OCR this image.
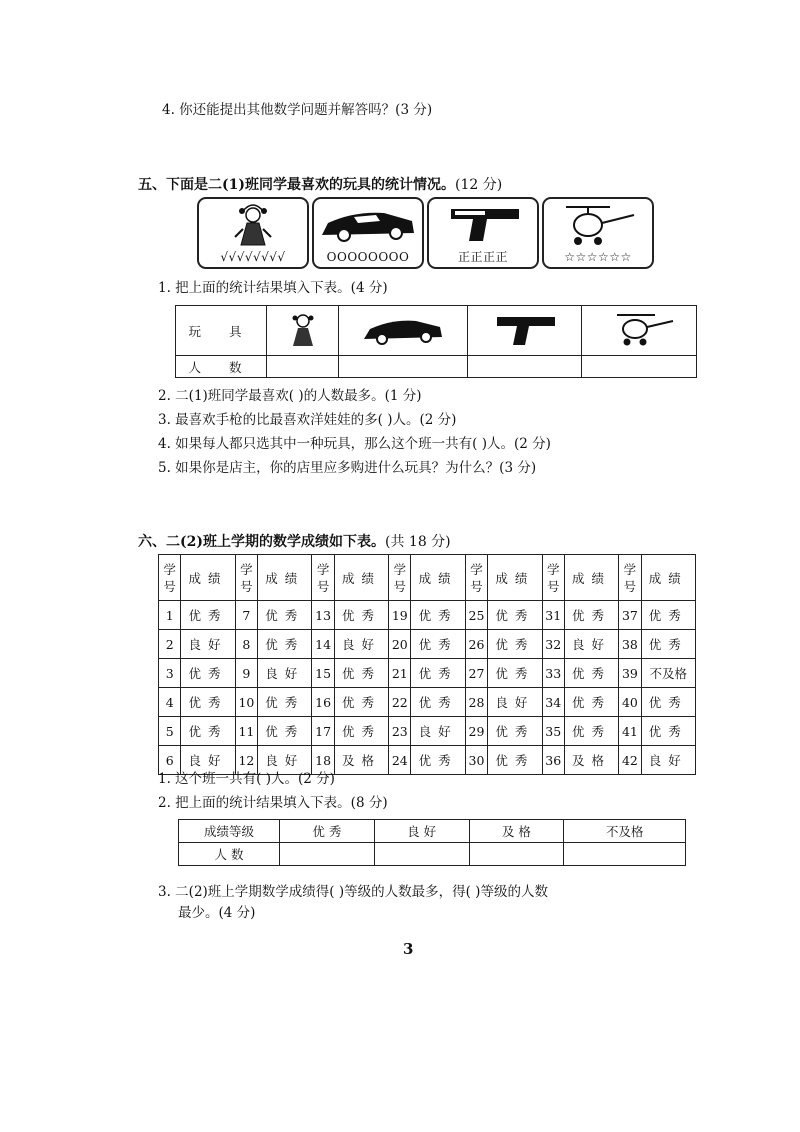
4. 你还能提出其他数学问题并解答吗？(3 分)
五、下面是二(1)班同学最喜欢的玩具的统计情况。(12 分)
√√√√√√√√	OOOOOOOO	正正正正	☆☆☆☆☆☆
1. 把上面的统计结果填入下表。(4 分)
玩 具				
人 数				
2. 二(1)班同学最喜欢( )的人数最多。(1 分)
3. 最喜欢手枪的比最喜欢洋娃娃的多( )人。(2 分)
4. 如果每人都只选其中一种玩具，那么这个班一共有( )人。(2 分)
5. 如果你是店主，你的店里应多购进什么玩具？为什么？(3 分)
六、二(2)班上学期的数学成绩如下表。(共 18 分)
学号	成绩	学号	成绩	学号	成绩	学号	成绩	学号	成绩	学号	成绩	学号	成绩
1	优秀	7	优秀	13	优秀	19	优秀	25	优秀	31	优秀	37	优秀
2	良好	8	优秀	14	良好	20	优秀	26	优秀	32	良好	38	优秀
3	优秀	9	良好	15	优秀	21	优秀	27	优秀	33	优秀	39	不及格
4	优秀	10	优秀	16	优秀	22	优秀	28	良好	34	优秀	40	优秀
5	优秀	11	优秀	17	优秀	23	良好	29	优秀	35	优秀	41	优秀
6	良好	12	良好	18	及格	24	优秀	30	优秀	36	及格	42	良好
1. 这个班一共有( )人。(2 分)
2. 把上面的统计结果填入下表。(8 分)
成绩等级	优 秀	良 好	及 格	不及格
人 数				
3. 二(2)班上学期数学成绩得( )等级的人数最多，得( )等级的人数
最少。(4 分)
3
